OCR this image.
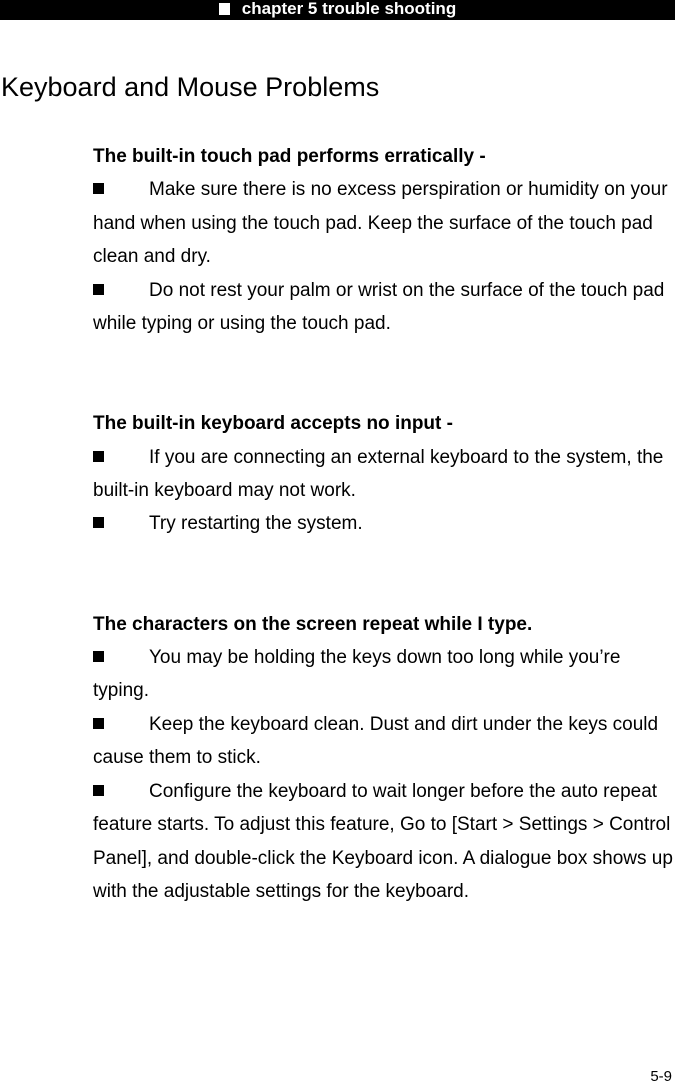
chapter 5 trouble shooting
Keyboard and Mouse Problems
The built-in touch pad performs erratically -

Make sure there is no excess perspiration or humidity on your hand when using the touch pad. Keep the surface of the touch pad clean and dry.

Do not rest your palm or wrist on the surface of the touch pad while typing or using the touch pad.

The built-in keyboard accepts no input -

If you are connecting an external keyboard to the system, the built-in keyboard may not work.

Try restarting the system.

The characters on the screen repeat while I type.

You may be holding the keys down too long while you’re typing.

Keep the keyboard clean. Dust and dirt under the keys could cause them to stick.

Configure the keyboard to wait longer before the auto repeat feature starts. To adjust this feature, Go to [Start > Settings > Control Panel], and double-click the Keyboard icon. A dialogue box shows up with the adjustable settings for the keyboard.

5-9
